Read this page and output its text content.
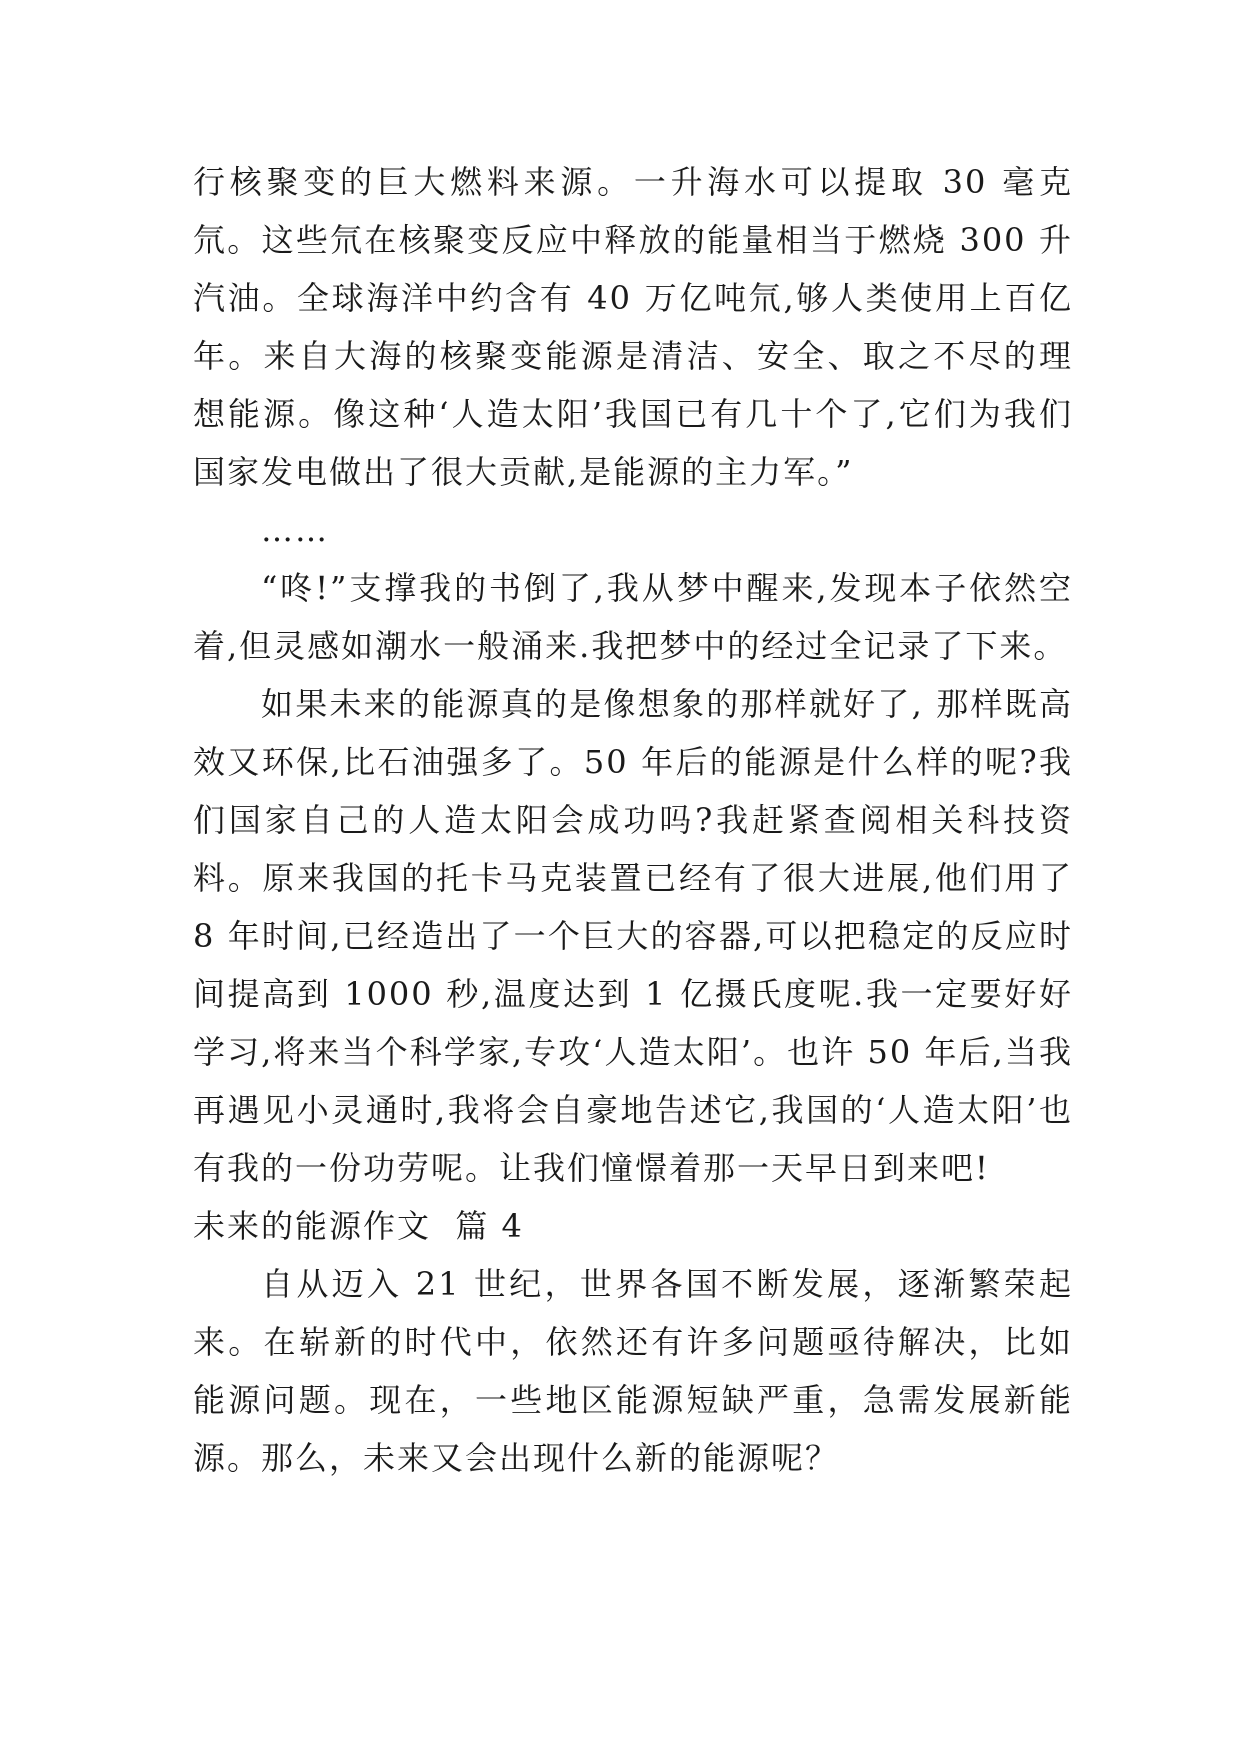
行核聚变的巨大燃料来源。一升海水可以提取 30 毫克氘。这些氘在核聚变反应中释放的能量相当于燃烧 300 升汽油。全球海洋中约含有 40 万亿吨氘,够人类使用上百亿年。来自大海的核聚变能源是清洁、安全、取之不尽的理想能源。像这种‘人造太阳’我国已有几十个了,它们为我们国家发电做出了很大贡献,是能源的主力军。”

……

“咚!”支撑我的书倒了,我从梦中醒来,发现本子依然空着,但灵感如潮水一般涌来.我把梦中的经过全记录了下来。

如果未来的能源真的是像想象的那样就好了, 那样既高效又环保,比石油强多了。50 年后的能源是什么样的呢?我们国家自己的人造太阳会成功吗?我赶紧查阅相关科技资料。原来我国的托卡马克装置已经有了很大进展,他们用了 8 年时间,已经造出了一个巨大的容器,可以把稳定的反应时间提高到 1000 秒,温度达到 1 亿摄氏度呢.我一定要好好学习,将来当个科学家,专攻‘人造太阳’。也许 50 年后,当我再遇见小灵通时,我将会自豪地告述它,我国的‘人造太阳’也有我的一份功劳呢。让我们憧憬着那一天早日到来吧!

未来的能源作文  篇 4

自从迈入 21 世纪，世界各国不断发展，逐渐繁荣起来。在崭新的时代中，依然还有许多问题亟待解决，比如能源问题。现在，一些地区能源短缺严重，急需发展新能源。那么，未来又会出现什么新的能源呢？
